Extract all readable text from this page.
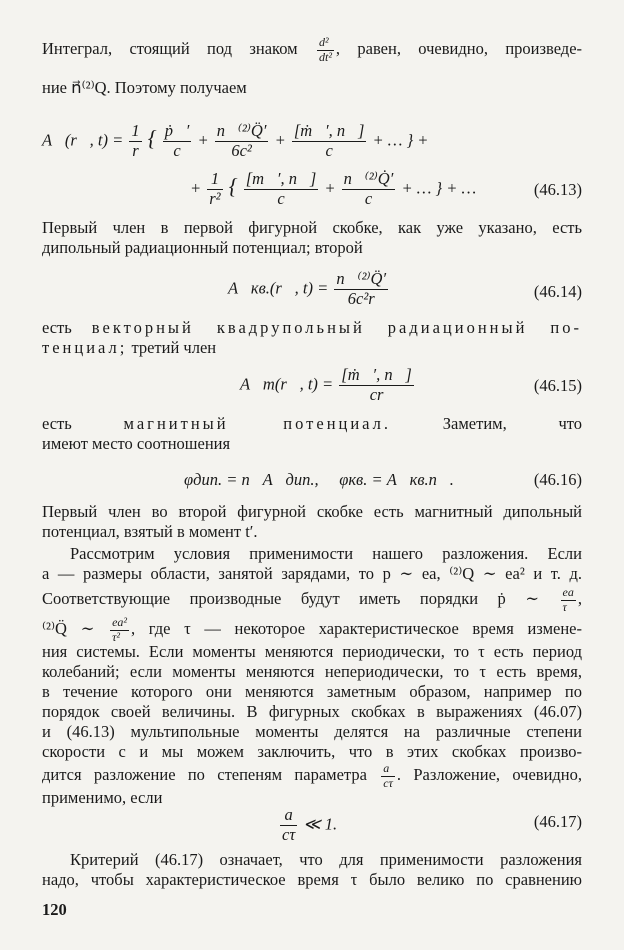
Интеграл, стоящий под знаком $\frac{\text{d²}}{\text{dt²}}$ , равен, очевидно, произведе-
ние n⃗⁽²⁾Q. Поэтому получаем
A⃗(r⃗, $t) = \frac{1}{r}$ { $\frac{\text{ṗ⃗′}}{c} + \frac{\text{n⃗⁽²⁾Q̈′}}{\text{6c²}} + \frac{\text{[ṁ⃗′, n⃗]}}{c}$ + … } +
+ $\frac{1}{\text{r²}}$ { $\frac{[m⃗', n⃗]}{c} + \frac{\text{n⃗⁽²⁾Q̇′}}{c}$ + … } + …	(46.13)
Первый член в первой фигурной скобке, как уже указано, есть
дипольный радиационный потенциал; второй
A⃗кв.(r⃗, $t) = \frac{\text{n⃗⁽²⁾Q̈′}}{\text{6c²r}}$	(46.14)
есть векторный квадрупольный радиационный по-
тенциал; третий член
A⃗m(r⃗, $t) = \frac{\text{[ṁ⃗′, n⃗]}}{cr}$	(46.15)
есть	магнитный потенциал.	Заметим, что
имеют место соотношения
φдип. = n⃗A⃗дип., φкв. = A⃗кв.n⃗.	(46.16)
Первый член во второй фигурной скобке есть магнитный дипольный
потенциал, взятый в момент t′.
Рассмотрим условия применимости нашего разложения. Если
a — размеры области, занятой зарядами, то p ∼ ea, ⁽²⁾Q ∼ ea² и т. д.
Соответствующие производные будут иметь порядки ṗ ∼ $\frac{ea}{\tau}$ ,
⁽²⁾Q̈ ∼ $\frac{\text{ea²}}{\text{τ²}}$ , где τ — некоторое характеристическое время измене-
ния системы. Если моменты меняются периодически, то τ есть период
колебаний; если моменты меняются непериодически, то τ есть время,
в течение которого они меняются заметным образом, например по
порядок своей величины. В фигурных скобках в выражениях (46.07)
и (46.13) мультипольные моменты делятся на различные степени
скорости c и мы можем заключить, что в этих скобках произво-
дится разложение по степеням параметра $\frac{a}{c\tau}$ . Разложение, очевидно,
применимо, если
$\frac{a}{c\tau}$ ≪ 1.	(46.17)
Критерий (46.17) означает, что для применимости разложения
надо, чтобы характеристическое время τ было велико по сравнению
120
